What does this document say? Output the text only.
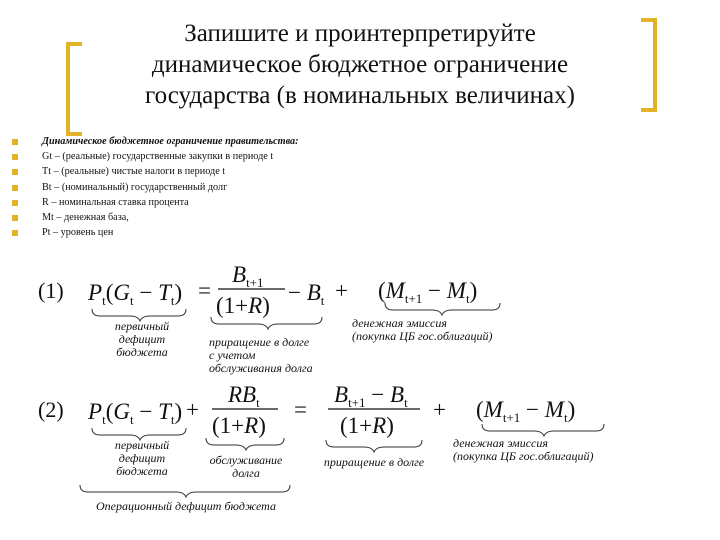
Запишите и проинтерпретируйте
динамическое бюджетное ограничение
государства (в номинальных величинах)
Динамическое бюджетное ограничение правительства:
Gt – (реальные) государственные закупки в периоде t
Tt – (реальные) чистые налоги в периоде t
Bt – (номинальный) государственный долг
R – номинальная ставка процента
Mt – денежная база,
Pt – уровень цен
(1) $P_t(G_t - T_t)$ =
$B_{t+1}$
(1+R)
− $B_t + (M_{t+1} - M_t)$
первичный
дефицит
бюджета
приращение в долге
с учетом
обслуживания долга
денежная эмиссия
(покупка ЦБ гос.облигаций)
(2) $P_t(G_t - T_t)$ +
$RB_t$
(1+R)
=
$B_{t+1} - B_t$
(1+R)
+ $(M_{t+1} - M_t)$
первичный
дефицит
бюджета
обслуживание
долга
приращение в долге
денежная эмиссия
(покупка ЦБ гос.облигаций)
Операционный дефицит бюджета
